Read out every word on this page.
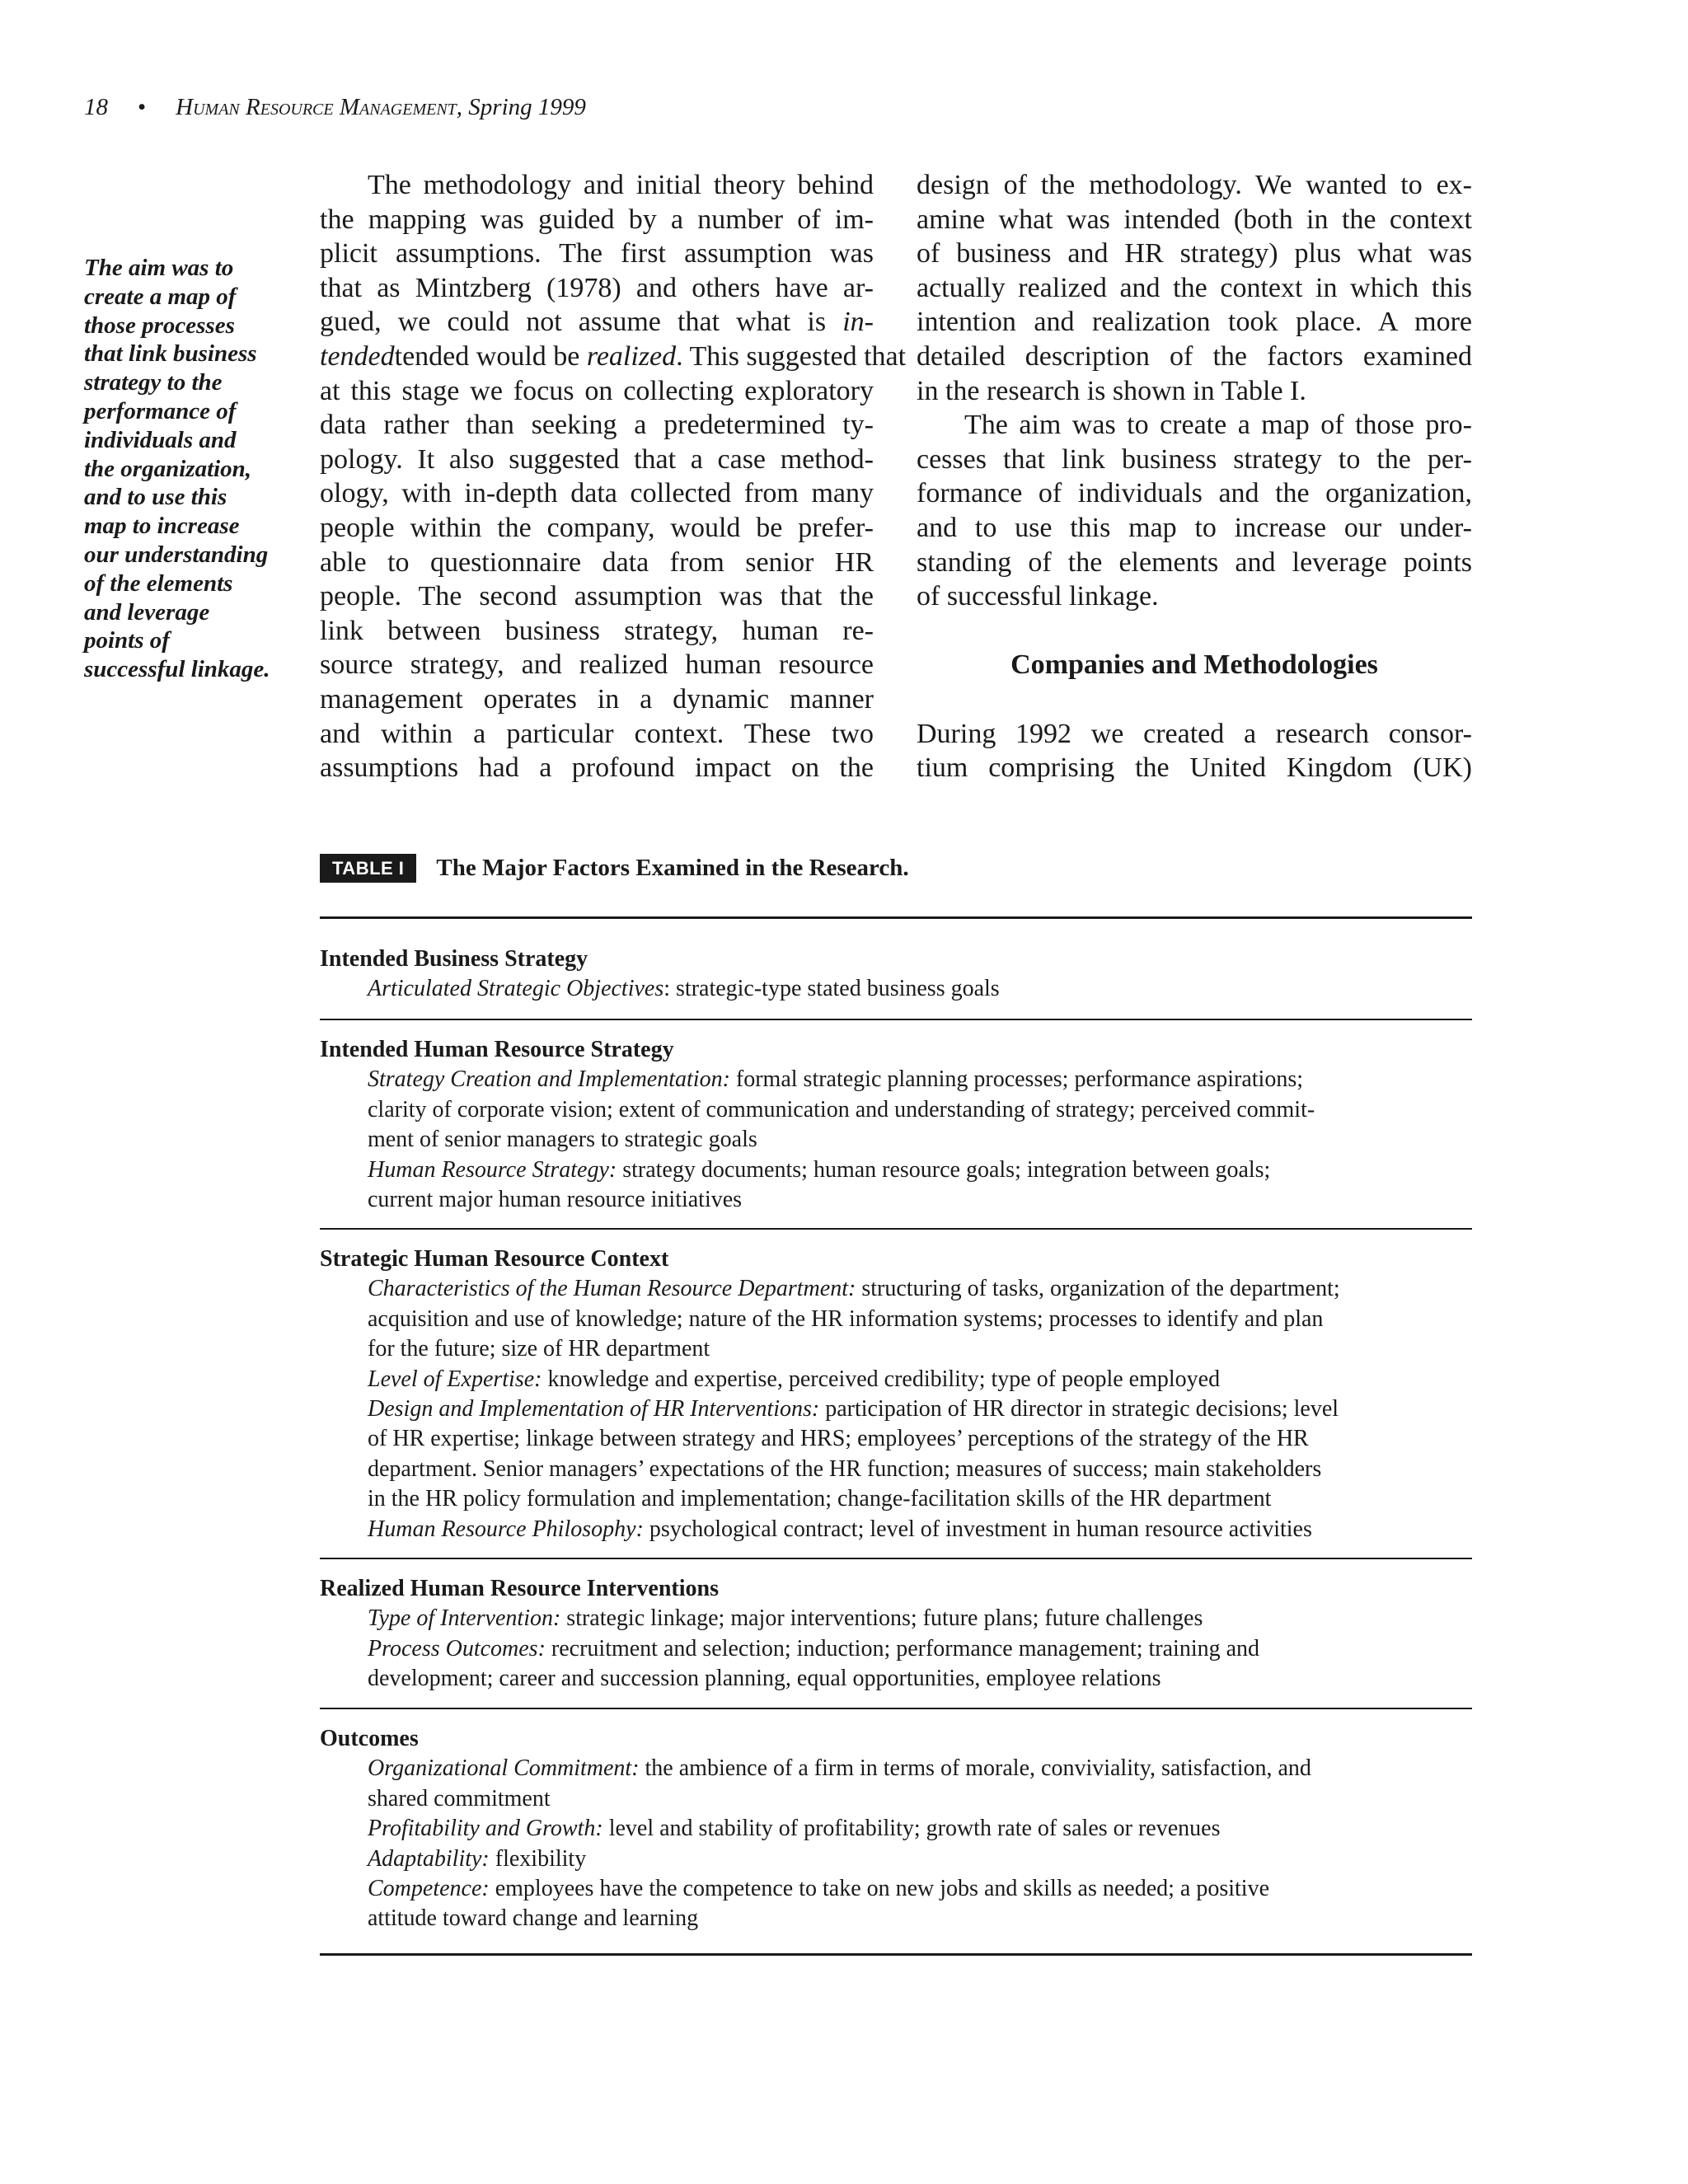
18 • Human Resource Management, Spring 1999
The aim was to
create a map of
those processes
that link business
strategy to the
performance of
individuals and
the organization,
and to use this
map to increase
our understanding
of the elements
and leverage
points of
successful linkage.
The methodology and initial theory behind
the mapping was guided by a number of im-
plicit assumptions. The first assumption was
that as Mintzberg (1978) and others have ar-
gued, we could not assume that what is in-
tendedtended would be realized. This suggested that
at this stage we focus on collecting exploratory
data rather than seeking a predetermined ty-
pology. It also suggested that a case method-
ology, with in-depth data collected from many
people within the company, would be prefer-
able to questionnaire data from senior HR
people. The second assumption was that the
link between business strategy, human re-
source strategy, and realized human resource
management operates in a dynamic manner
and within a particular context. These two
assumptions had a profound impact on the
design of the methodology. We wanted to ex-
amine what was intended (both in the context
of business and HR strategy) plus what was
actually realized and the context in which this
intention and realization took place. A more
detailed description of the factors examined
in the research is shown in Table I.
The aim was to create a map of those pro-
cesses that link business strategy to the per-
formance of individuals and the organization,
and to use this map to increase our under-
standing of the elements and leverage points
of successful linkage.
Companies and Methodologies
During 1992 we created a research consor-
tium comprising the United Kingdom (UK)
TABLE I The Major Factors Examined in the Research.
Intended Business Strategy
Articulated Strategic Objectives: strategic-type stated business goals
Intended Human Resource Strategy
Strategy Creation and Implementation: formal strategic planning processes; performance aspirations;
clarity of corporate vision; extent of communication and understanding of strategy; perceived commit-
ment of senior managers to strategic goals
Human Resource Strategy: strategy documents; human resource goals; integration between goals;
current major human resource initiatives
Strategic Human Resource Context
Characteristics of the Human Resource Department: structuring of tasks, organization of the department;
acquisition and use of knowledge; nature of the HR information systems; processes to identify and plan
for the future; size of HR department
Level of Expertise: knowledge and expertise, perceived credibility; type of people employed
Design and Implementation of HR Interventions: participation of HR director in strategic decisions; level
of HR expertise; linkage between strategy and HRS; employees’ perceptions of the strategy of the HR
department. Senior managers’ expectations of the HR function; measures of success; main stakeholders
in the HR policy formulation and implementation; change-facilitation skills of the HR department
Human Resource Philosophy: psychological contract; level of investment in human resource activities
Realized Human Resource Interventions
Type of Intervention: strategic linkage; major interventions; future plans; future challenges
Process Outcomes: recruitment and selection; induction; performance management; training and
development; career and succession planning, equal opportunities, employee relations
Outcomes
Organizational Commitment: the ambience of a firm in terms of morale, conviviality, satisfaction, and
shared commitment
Profitability and Growth: level and stability of profitability; growth rate of sales or revenues
Adaptability: flexibility
Competence: employees have the competence to take on new jobs and skills as needed; a positive
attitude toward change and learning
